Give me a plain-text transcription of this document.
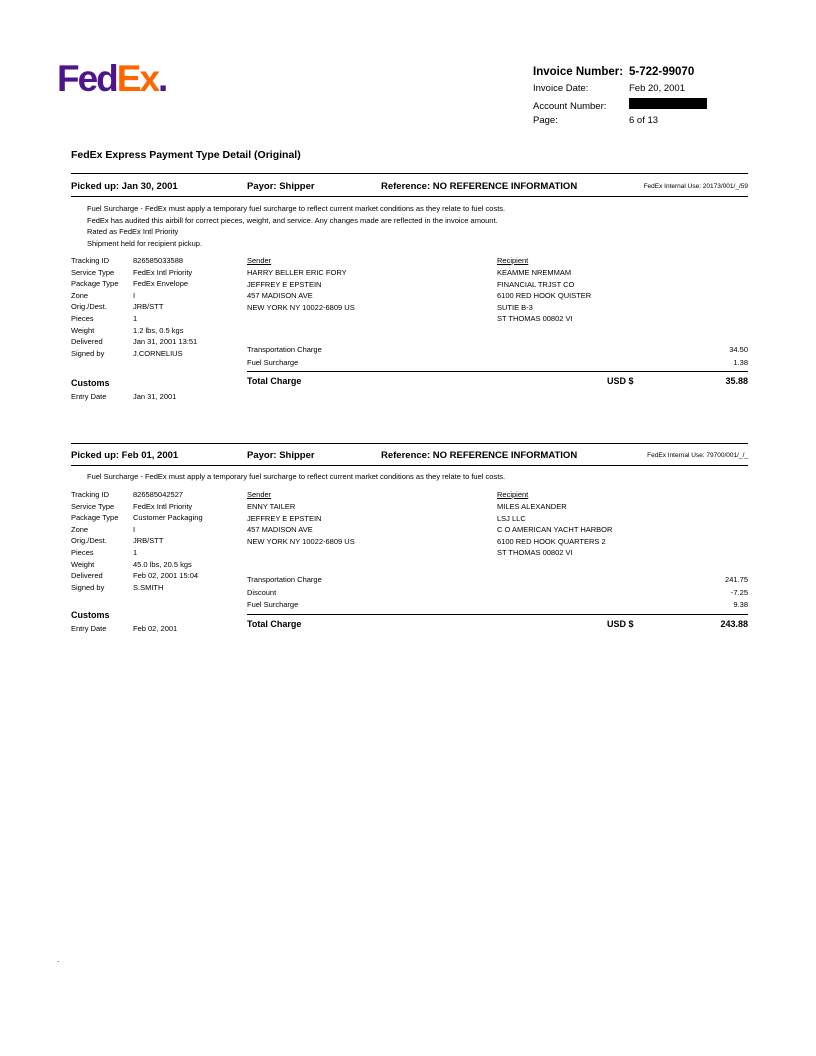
FedEx.	Invoice Number: 5-722-99070
Invoice Date:	Feb 20, 2001
Account Number:
Page:	6 of 13
FedEx Express Payment Type Detail (Original)
Picked up: Jan 30, 2001	Payor: Shipper	Reference: NO REFERENCE INFORMATION	FedEx Internal Use: 20173/001/_/59
Fuel Surcharge - FedEx must apply a temporary fuel surcharge to reflect current market conditions as they relate to fuel costs.
FedEx has audited this airbill for correct pieces, weight, and service. Any changes made are reflected in the invoice amount.
Rated as FedEx Intl Priority
Shipment held for recipient pickup.
Tracking ID	826585033588
Service Type	FedEx Intl Priority
Package Type	FedEx Envelope
Zone	I
Orig./Dest.	JRB/STT
Pieces	1
Weight	1.2 lbs, 0.5 kgs
Delivered	Jan 31, 2001 13:51
Signed by	J.CORNELIUS
Sender
HARRY BELLER ERIC FORY
JEFFREY E EPSTEIN
457 MADISON AVE
NEW YORK NY 10022-6809 US
Recipient
KEAMME NREMMAM
FINANCIAL TRJST CO
6100 RED HOOK QUISTER
SUTIE B-3
ST THOMAS 00802 VI
Transportation Charge	34.50
Fuel Surcharge	1.38
Total Charge	USD $	35.88
Customs
Entry Date	Jan 31, 2001
Picked up: Feb 01, 2001	Payor: Shipper	Reference: NO REFERENCE INFORMATION	FedEx Internal Use: 79700/001/_/_
Fuel Surcharge - FedEx must apply a temporary fuel surcharge to reflect current market conditions as they relate to fuel costs.
Tracking ID	826585042527
Service Type	FedEx Intl Priority
Package Type	Customer Packaging
Zone	I
Orig./Dest.	JRB/STT
Pieces	1
Weight	45.0 lbs, 20.5 kgs
Delivered	Feb 02, 2001 15:04
Signed by	S.SMITH
Sender
ENNY TAILER
JEFFREY E EPSTEIN
457 MADISON AVE
NEW YORK NY 10022-6809 US
Recipient
MILES ALEXANDER
LSJ LLC
C O AMERICAN YACHT HARBOR
6100 RED HOOK QUARTERS 2
ST THOMAS 00802 VI
Transportation Charge	241.75
Discount	-7.25
Fuel Surcharge	9.38
Total Charge	USD $	243.88
Customs
Entry Date	Feb 02, 2001
.
